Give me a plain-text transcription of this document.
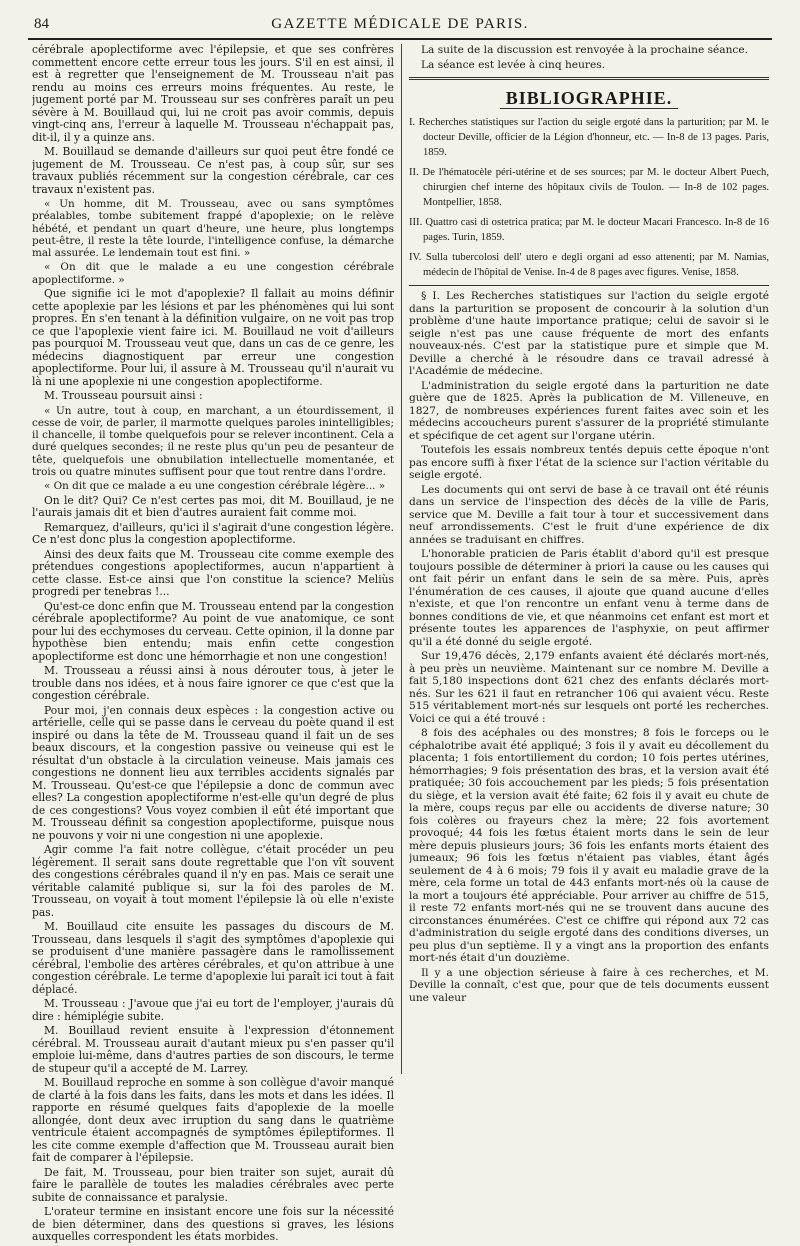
84	GAZETTE MÉDICALE DE PARIS.

cérébrale apoplectiforme avec l'épilepsie, et que ses confrères commettent encore cette erreur tous les jours. S'il en est ainsi, il est à regretter que l'enseignement de M. Trousseau n'ait pas rendu au moins ces erreurs moins fréquentes. Au reste, le jugement porté par M. Trousseau sur ses confrères paraît un peu sévère à M. Bouillaud qui, lui ne croit pas avoir commis, depuis vingt-cinq ans, l'erreur à laquelle M. Trousseau n'échappait pas, dit-il, il y a quinze ans.

M. Bouillaud se demande d'ailleurs sur quoi peut être fondé ce jugement de M. Trousseau. Ce n'est pas, à coup sûr, sur ses travaux publiés récemment sur la congestion cérébrale, car ces travaux n'existent pas.

« Un homme, dit M. Trousseau, avec ou sans symptômes préalables, tombe subitement frappé d'apoplexie; on le relève hébété, et pendant un quart d'heure, une heure, plus longtemps peut-être, il reste la tête lourde, l'intelligence confuse, la démarche mal assurée. Le lendemain tout est fini. »

« On dit que le malade a eu une congestion cérébrale apoplectiforme. »

Que signifie ici le mot d'apoplexie? Il fallait au moins définir cette apoplexie par les lésions et par les phénomènes qui lui sont propres. En s'en tenant à la définition vulgaire, on ne voit pas trop ce que l'apoplexie vient faire ici. M. Bouillaud ne voit d'ailleurs pas pourquoi M. Trousseau veut que, dans un cas de ce genre, les médecins diagnostiquent par erreur une congestion apoplectiforme. Pour lui, il assure à M. Trousseau qu'il n'aurait vu là ni une apoplexie ni une congestion apoplectiforme.

M. Trousseau poursuit ainsi :

« Un autre, tout à coup, en marchant, a un étourdissement, il cesse de voir, de parler, il marmotte quelques paroles inintelligibles; il chancelle, il tombe quelquefois pour se relever incontinent. Cela a duré quelques secondes; il ne reste plus qu'un peu de pesanteur de tête, quelquefois une obnubilation intellectuelle momentanée, et trois ou quatre minutes suffisent pour que tout rentre dans l'ordre.

« On dit que ce malade a eu une congestion cérébrale légère... »

On le dit? Qui? Ce n'est certes pas moi, dit M. Bouillaud, je ne l'aurais jamais dit et bien d'autres auraient fait comme moi.

Remarquez, d'ailleurs, qu'ici il s'agirait d'une congestion légère. Ce n'est donc plus la congestion apoplectiforme.

Ainsi des deux faits que M. Trousseau cite comme exemple des prétendues congestions apoplectiformes, aucun n'appartient à cette classe. Est-ce ainsi que l'on constitue la science? Meliùs progredi per tenebras !...

Qu'est-ce donc enfin que M. Trousseau entend par la congestion cérébrale apoplectiforme? Au point de vue anatomique, ce sont pour lui des ecchymoses du cerveau. Cette opinion, il la donne par hypothèse bien entendu; mais enfin cette congestion apoplectiforme est donc une hémorrhagie et non une congestion!

M. Trousseau a réussi ainsi à nous dérouter tous, à jeter le trouble dans nos idées, et à nous faire ignorer ce que c'est que la congestion cérébrale.

Pour moi, j'en connais deux espèces : la congestion active ou artérielle, celle qui se passe dans le cerveau du poète quand il est inspiré ou dans la tête de M. Trousseau quand il fait un de ses beaux discours, et la congestion passive ou veineuse qui est le résultat d'un obstacle à la circulation veineuse. Mais jamais ces congestions ne donnent lieu aux terribles accidents signalés par M. Trousseau. Qu'est-ce que l'épilepsie a donc de commun avec elles? La congestion apoplectiforme n'est-elle qu'un degré de plus de ces congestions? Vous voyez combien il eût été important que M. Trousseau définit sa congestion apoplectiforme, puisque nous ne pouvons y voir ni une congestion ni une apoplexie.

Agir comme l'a fait notre collègue, c'était procéder un peu légèrement. Il serait sans doute regrettable que l'on vît souvent des congestions cérébrales quand il n'y en pas. Mais ce serait une véritable calamité publique si, sur la foi des paroles de M. Trousseau, on voyait à tout moment l'épilepsie là où elle n'existe pas.

M. Bouillaud cite ensuite les passages du discours de M. Trousseau, dans lesquels il s'agit des symptômes d'apoplexie qui se produisent d'une manière passagère dans le ramollissement cérébral, l'embolie des artères cérébrales, et qu'on attribue à une congestion cérébrale. Le terme d'apoplexie lui paraît ici tout à fait déplacé.

M. Trousseau : J'avoue que j'ai eu tort de l'employer, j'aurais dû dire : hémiplégie subite.

M. Bouillaud revient ensuite à l'expression d'étonnement cérébral. M. Trousseau aurait d'autant mieux pu s'en passer qu'il emploie lui-même, dans d'autres parties de son discours, le terme de stupeur qu'il a accepté de M. Larrey.

M. Bouillaud reproche en somme à son collègue d'avoir manqué de clarté à la fois dans les faits, dans les mots et dans les idées. Il rapporte en résumé quelques faits d'apoplexie de la moelle allongée, dont deux avec irruption du sang dans le quatrième ventricule étaient accompagnés de symptômes épileptiformes. Il les cite comme exemple d'affection que M. Trousseau aurait bien fait de comparer à l'épilepsie.

De fait, M. Trousseau, pour bien traiter son sujet, aurait dû faire le parallèle de toutes les maladies cérébrales avec perte subite de connaissance et paralysie.

L'orateur termine en insistant encore une fois sur la nécessité de bien déterminer, dans des questions si graves, les lésions auxquelles correspondent les états morbides.

La suite de la discussion est renvoyée à la prochaine séance.

La séance est levée à cinq heures.

BIBLIOGRAPHIE.

I. Recherches statistiques sur l'action du seigle ergoté dans la parturition; par M. le docteur Deville, officier de la Légion d'honneur, etc. — In-8 de 13 pages. Paris, 1859.

II. De l'hématocèle péri-utérine et de ses sources; par M. le docteur Albert Puech, chirurgien chef interne des hôpitaux civils de Toulon. — In-8 de 102 pages. Montpellier, 1858.

III. Quattro casi di ostetrica pratica; par M. le docteur Macari Francesco. In-8 de 16 pages. Turin, 1859.

IV. Sulla tubercolosi dell' utero e degli organi ad esso attenenti; par M. Namias, médecin de l'hôpital de Venise. In-4 de 8 pages avec figures. Venise, 1858.

§ I. Les Recherches statistiques sur l'action du seigle ergoté dans la parturition se proposent de concourir à la solution d'un problème d'une haute importance pratique; celui de savoir si le seigle n'est pas une cause fréquente de mort des enfants nouveaux-nés. C'est par la statistique pure et simple que M. Deville a cherché à le résoudre dans ce travail adressé à l'Académie de médecine.

L'administration du seigle ergoté dans la parturition ne date guère que de 1825. Après la publication de M. Villeneuve, en 1827, de nombreuses expériences furent faites avec soin et les médecins accoucheurs purent s'assurer de la propriété stimulante et spécifique de cet agent sur l'organe utérin.

Toutefois les essais nombreux tentés depuis cette époque n'ont pas encore suffi à fixer l'état de la science sur l'action véritable du seigle ergoté.

Les documents qui ont servi de base à ce travail ont été réunis dans un service de l'inspection des décès de la ville de Paris, service que M. Deville a fait tour à tour et successivement dans neuf arrondissements. C'est le fruit d'une expérience de dix années se traduisant en chiffres.

L'honorable praticien de Paris établit d'abord qu'il est presque toujours possible de déterminer à priori la cause ou les causes qui ont fait périr un enfant dans le sein de sa mère. Puis, après l'énumération de ces causes, il ajoute que quand aucune d'elles n'existe, et que l'on rencontre un enfant venu à terme dans de bonnes conditions de vie, et que néanmoins cet enfant est mort et présente toutes les apparences de l'asphyxie, on peut affirmer qu'il a été donné du seigle ergoté.

Sur 19,476 décès, 2,179 enfants avaient été déclarés mort-nés, à peu près un neuvième. Maintenant sur ce nombre M. Deville a fait 5,180 inspections dont 621 chez des enfants déclarés mort-nés. Sur les 621 il faut en retrancher 106 qui avaient vécu. Reste 515 véritablement mort-nés sur lesquels ont porté les recherches. Voici ce qui a été trouvé :

8 fois des acéphales ou des monstres; 8 fois le forceps ou le céphalotribe avait été appliqué; 3 fois il y avait eu décollement du placenta; 1 fois entortillement du cordon; 10 fois pertes utérines, hémorrhagies; 9 fois présentation des bras, et la version avait été pratiquée; 30 fois accouchement par les pieds; 5 fois présentation du siège, et la version avait été faite; 62 fois il y avait eu chute de la mère, coups reçus par elle ou accidents de diverse nature; 30 fois colères ou frayeurs chez la mère; 22 fois avortement provoqué; 44 fois les fœtus étaient morts dans le sein de leur mère depuis plusieurs jours; 36 fois les enfants morts étaient des jumeaux; 96 fois les fœtus n'étaient pas viables, étant âgés seulement de 4 à 6 mois; 79 fois il y avait eu maladie grave de la mère, cela forme un total de 443 enfants mort-nés où la cause de la mort a toujours été appréciable. Pour arriver au chiffre de 515, il reste 72 enfants mort-nés qui ne se trouvent dans aucune des circonstances énumérées. C'est ce chiffre qui répond aux 72 cas d'administration du seigle ergoté dans des conditions diverses, un peu plus d'un septième. Il y a vingt ans la proportion des enfants mort-nés était d'un douzième.

Il y a une objection sérieuse à faire à ces recherches, et M. Deville la connaît, c'est que, pour que de tels documents eussent une valeur
